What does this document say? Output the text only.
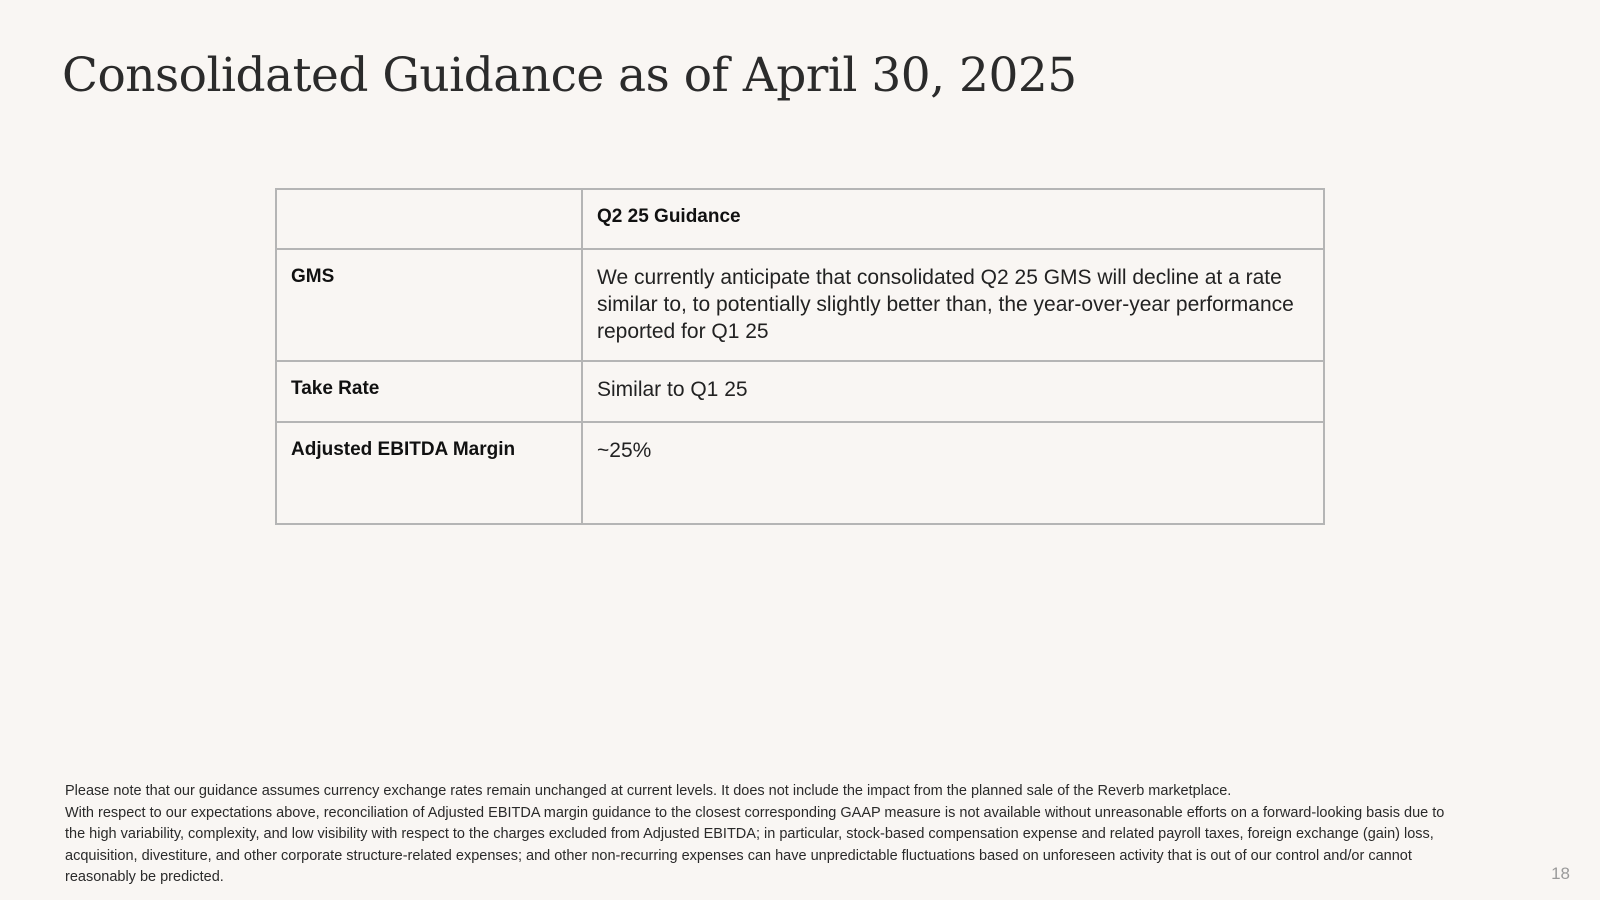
Consolidated Guidance as of April 30, 2025
	Q2 25 Guidance
GMS	We currently anticipate that consolidated Q2 25 GMS will decline at a rate similar to, to potentially slightly better than, the year-over-year performance reported for Q1 25
Take Rate	Similar to Q1 25
Adjusted EBITDA Margin	~25%

Please note that our guidance assumes currency exchange rates remain unchanged at current levels. It does not include the impact from the planned sale of the Reverb marketplace.

With respect to our expectations above, reconciliation of Adjusted EBITDA margin guidance to the closest corresponding GAAP measure is not available without unreasonable efforts on a forward-looking basis due to the high variability, complexity, and low visibility with respect to the charges excluded from Adjusted EBITDA; in particular, stock-based compensation expense and related payroll taxes, foreign exchange (gain) loss, acquisition, divestiture, and other corporate structure-related expenses; and other non-recurring expenses can have unpredictable fluctuations based on unforeseen activity that is out of our control and/or cannot reasonably be predicted.	18
